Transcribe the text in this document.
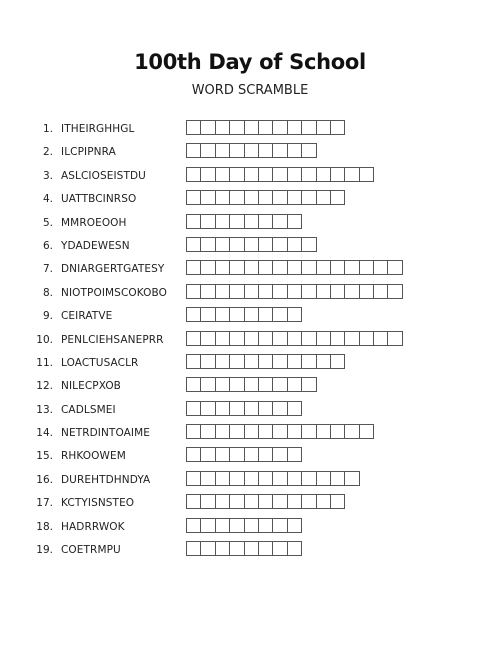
100th Day of School
WORD SCRAMBLE
1. ITHEIRGHHGL
2. ILCPIPNRA
3. ASLCIOSEISTDU
4. UATTBCINRSO
5. MMROEOOH
6. YDADEWESN
7. DNIARGERTGATESY
8. NIOTPOIMSCOKOBO
9. CEIRATVE
10. PENLCIEHSANEPRR
11. LOACTUSACLR
12. NILECPXOB
13. CADLSMEI
14. NETRDINTOAIME
15. RHKOOWEM
16. DUREHTDHNDYA
17. KCTYISNSTEO
18. HADRRWOK
19. COETRMPU
